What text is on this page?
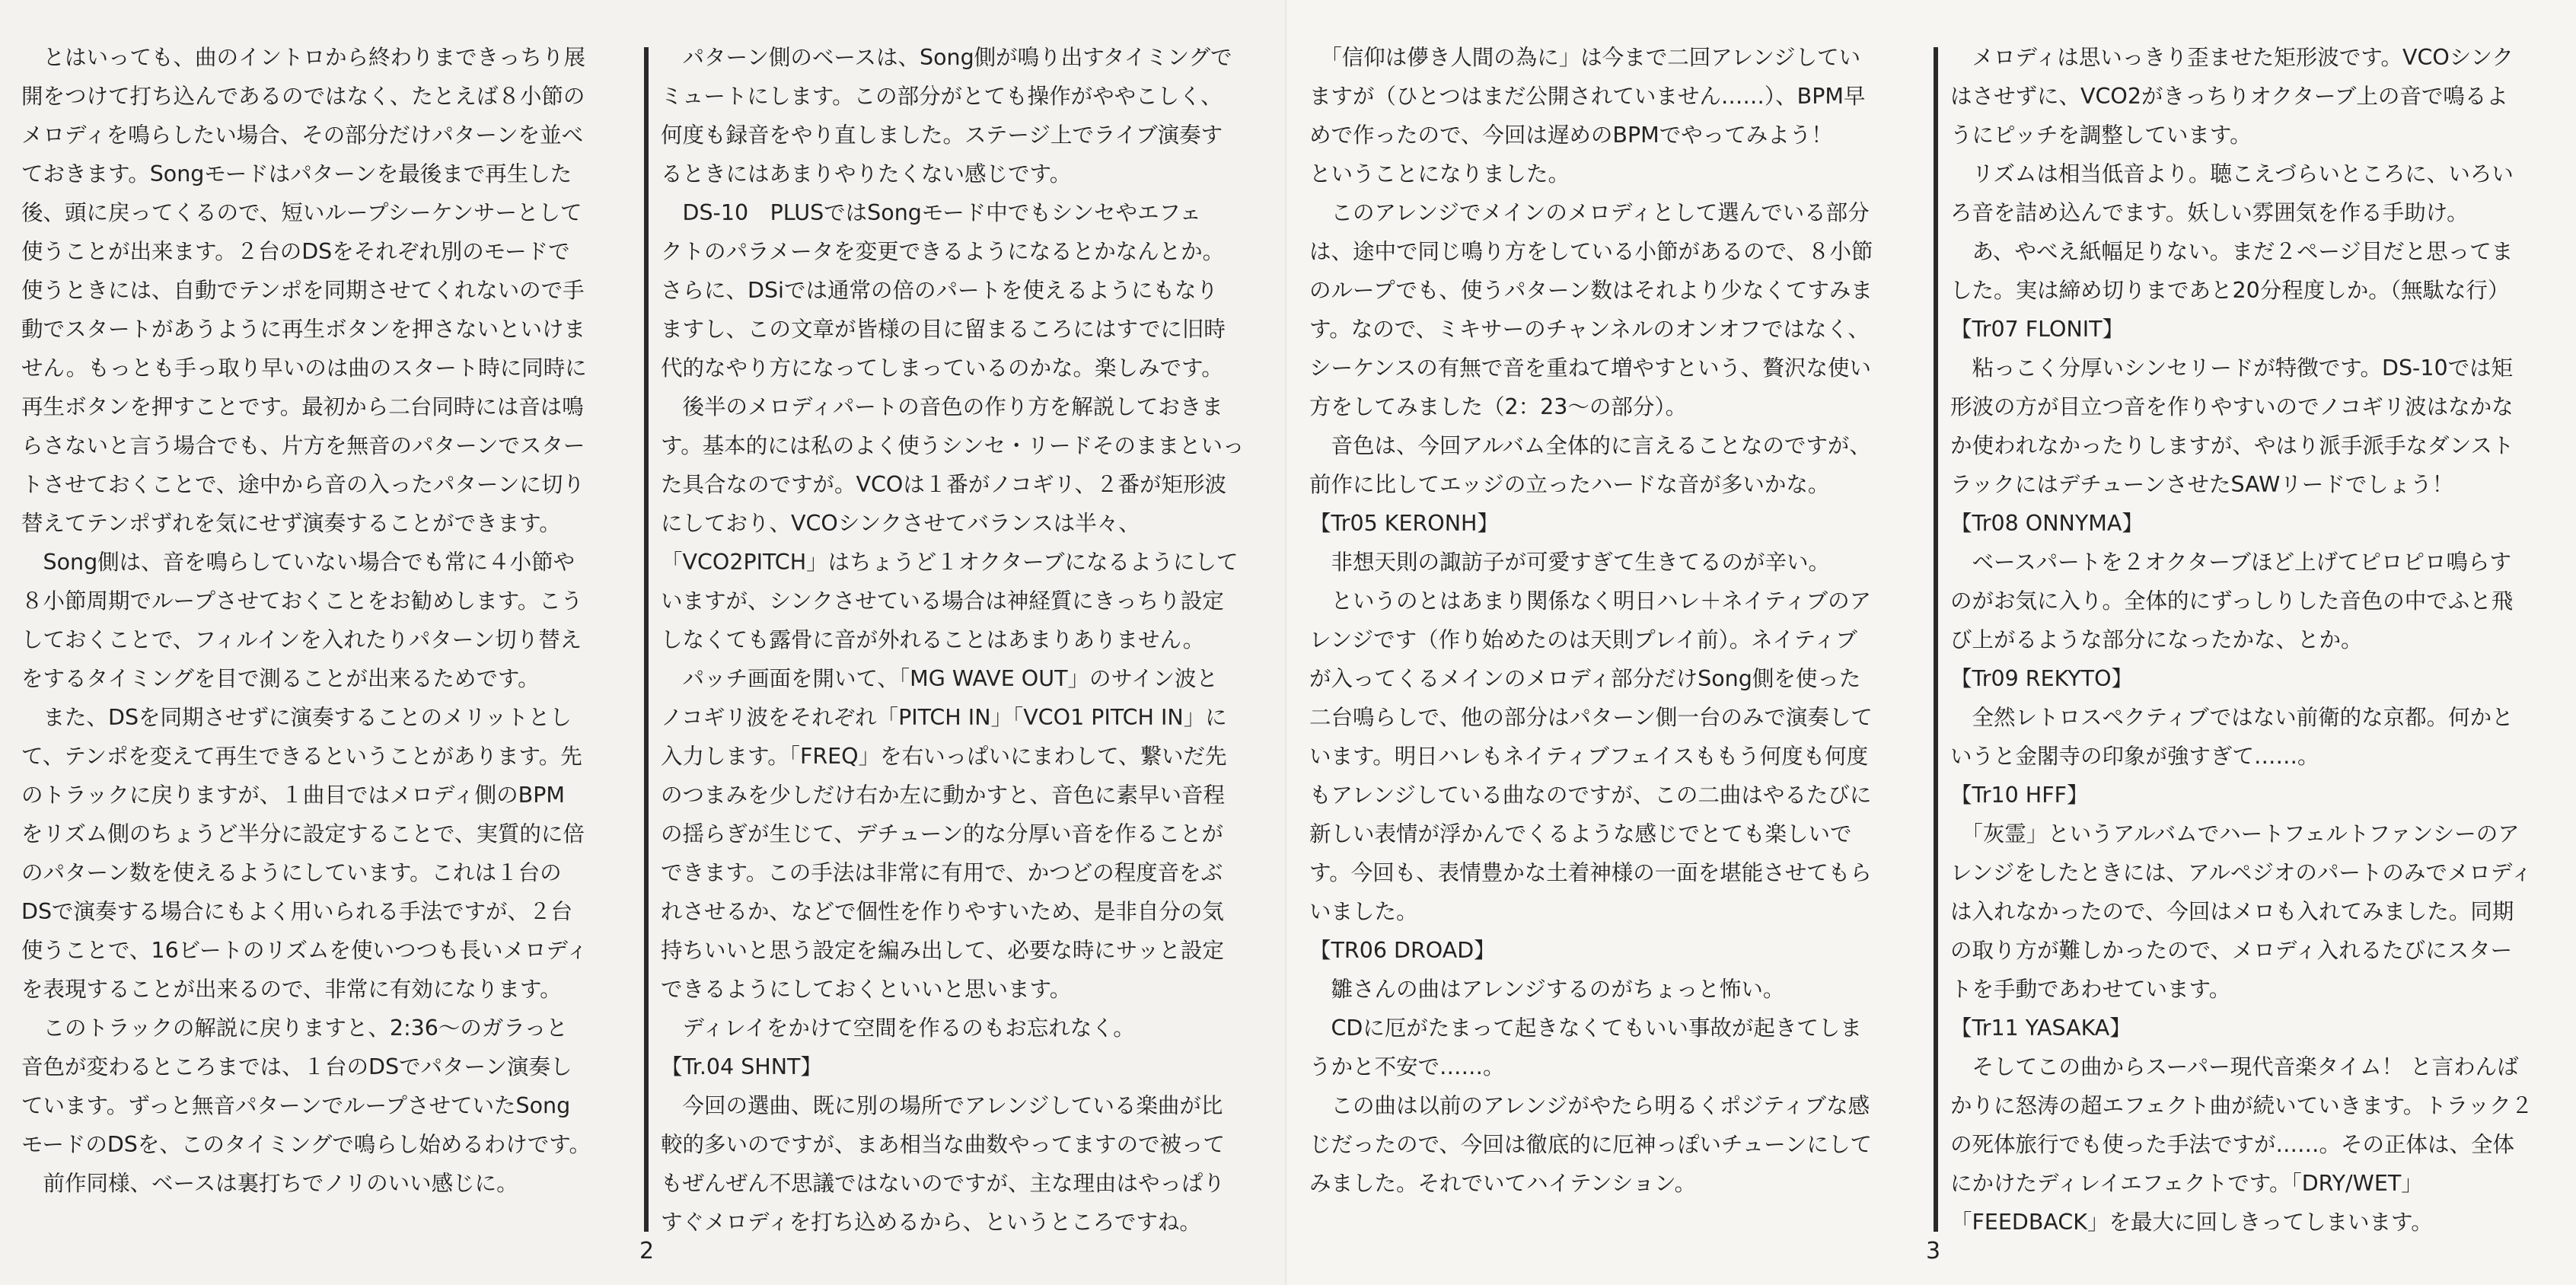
　とはいっても、曲のイントロから終わりまできっちり展
開をつけて打ち込んであるのではなく、たとえば８小節の
メロディを鳴らしたい場合、その部分だけパターンを並べ
ておきます。Songモードはパターンを最後まで再生した
後、頭に戻ってくるので、短いループシーケンサーとして
使うことが出来ます。２台のDSをそれぞれ別のモードで
使うときには、自動でテンポを同期させてくれないので手
動でスタートがあうように再生ボタンを押さないといけま
せん。もっとも手っ取り早いのは曲のスタート時に同時に
再生ボタンを押すことです。最初から二台同時には音は鳴
らさないと言う場合でも、片方を無音のパターンでスター
トさせておくことで、途中から音の入ったパターンに切り
替えてテンポずれを気にせず演奏することができます。
　Song側は、音を鳴らしていない場合でも常に４小節や
８小節周期でループさせておくことをお勧めします。こう
しておくことで、フィルインを入れたりパターン切り替え
をするタイミングを目で測ることが出来るためです。
　また、DSを同期させずに演奏することのメリットとし
て、テンポを変えて再生できるということがあります。先
のトラックに戻りますが、１曲目ではメロディ側のBPM
をリズム側のちょうど半分に設定することで、実質的に倍
のパターン数を使えるようにしています。これは１台の
DSで演奏する場合にもよく用いられる手法ですが、２台
使うことで、16ビートのリズムを使いつつも長いメロディ
を表現することが出来るので、非常に有効になります。
　このトラックの解説に戻りますと、2:36～のガラっと
音色が変わるところまでは、１台のDSでパターン演奏し
ています。ずっと無音パターンでループさせていたSong
モードのDSを、このタイミングで鳴らし始めるわけです。
　前作同様、ベースは裏打ちでノリのいい感じに。
　パターン側のベースは、Song側が鳴り出すタイミングで
ミュートにします。この部分がとても操作がややこしく、
何度も録音をやり直しました。ステージ上でライブ演奏す
るときにはあまりやりたくない感じです。
　DS-10　PLUSではSongモード中でもシンセやエフェ
クトのパラメータを変更できるようになるとかなんとか。
さらに、DSiでは通常の倍のパートを使えるようにもなり
ますし、この文章が皆様の目に留まるころにはすでに旧時
代的なやり方になってしまっているのかな。楽しみです。
　後半のメロディパートの音色の作り方を解説しておきま
す。基本的には私のよく使うシンセ・リードそのままといっ
た具合なのですが。VCOは１番がノコギリ、２番が矩形波
にしており、VCOシンクさせてバランスは半々、
「VCO2PITCH」はちょうど１オクターブになるようにして
いますが、シンクさせている場合は神経質にきっちり設定
しなくても露骨に音が外れることはあまりありません。
　パッチ画面を開いて、「MG WAVE OUT」のサイン波と
ノコギリ波をそれぞれ「PITCH IN」「VCO1 PITCH IN」に
入力します。「FREQ」を右いっぱいにまわして、繋いだ先
のつまみを少しだけ右か左に動かすと、音色に素早い音程
の揺らぎが生じて、デチューン的な分厚い音を作ることが
できます。この手法は非常に有用で、かつどの程度音をぶ
れさせるか、などで個性を作りやすいため、是非自分の気
持ちいいと思う設定を編み出して、必要な時にサッと設定
できるようにしておくといいと思います。
　ディレイをかけて空間を作るのもお忘れなく。
【Tr.04 SHNT】
　今回の選曲、既に別の場所でアレンジしている楽曲が比
較的多いのですが、まあ相当な曲数やってますので被って
もぜんぜん不思議ではないのですが、主な理由はやっぱり
すぐメロディを打ち込めるから、というところですね。
2
　「信仰は儚き人間の為に」は今まで二回アレンジしてい
ますが（ひとつはまだ公開されていません……）、BPM早
めで作ったので、今回は遅めのBPMでやってみよう！
ということになりました。
　このアレンジでメインのメロディとして選んでいる部分
は、途中で同じ鳴り方をしている小節があるので、８小節
のループでも、使うパターン数はそれより少なくてすみま
す。なので、ミキサーのチャンネルのオンオフではなく、
シーケンスの有無で音を重ねて増やすという、贅沢な使い
方をしてみました（2：23～の部分）。
　音色は、今回アルバム全体的に言えることなのですが、
前作に比してエッジの立ったハードな音が多いかな。
【Tr05 KERONH】
　非想天則の諏訪子が可愛すぎて生きてるのが辛い。
　というのとはあまり関係なく明日ハレ＋ネイティブのア
レンジです（作り始めたのは天則プレイ前）。ネイティブ
が入ってくるメインのメロディ部分だけSong側を使った
二台鳴らしで、他の部分はパターン側一台のみで演奏して
います。明日ハレもネイティブフェイスももう何度も何度
もアレンジしている曲なのですが、この二曲はやるたびに
新しい表情が浮かんでくるような感じでとても楽しいで
す。今回も、表情豊かな土着神様の一面を堪能させてもら
いました。
【TR06 DROAD】
　雛さんの曲はアレンジするのがちょっと怖い。
　CDに厄がたまって起きなくてもいい事故が起きてしま
うかと不安で……。
　この曲は以前のアレンジがやたら明るくポジティブな感
じだったので、今回は徹底的に厄神っぽいチューンにして
みました。それでいてハイテンション。
　メロディは思いっきり歪ませた矩形波です。VCOシンク
はさせずに、VCO2がきっちりオクターブ上の音で鳴るよ
うにピッチを調整しています。
　リズムは相当低音より。聴こえづらいところに、いろい
ろ音を詰め込んでます。妖しい雰囲気を作る手助け。
　あ、やべえ紙幅足りない。まだ２ページ目だと思ってま
した。実は締め切りまであと20分程度しか。（無駄な行）
【Tr07 FLONIT】
　粘っこく分厚いシンセリードが特徴です。DS-10では矩
形波の方が目立つ音を作りやすいのでノコギリ波はなかな
か使われなかったりしますが、やはり派手派手なダンスト
ラックにはデチューンさせたSAWリードでしょう！
【Tr08 ONNYMA】
　ベースパートを２オクターブほど上げてピロピロ鳴らす
のがお気に入り。全体的にずっしりした音色の中でふと飛
び上がるような部分になったかな、とか。
【Tr09 REKYTO】
　全然レトロスペクティブではない前衛的な京都。何かと
いうと金閣寺の印象が強すぎて……。
【Tr10 HFF】
　「灰霊」というアルバムでハートフェルトファンシーのア
レンジをしたときには、アルペジオのパートのみでメロディ
は入れなかったので、今回はメロも入れてみました。同期
の取り方が難しかったので、メロディ入れるたびにスター
トを手動であわせています。
【Tr11 YASAKA】
　そしてこの曲からスーパー現代音楽タイム！ と言わんば
かりに怒涛の超エフェクト曲が続いていきます。トラック２
の死体旅行でも使った手法ですが……。その正体は、全体
にかけたディレイエフェクトです。「DRY/WET」
「FEEDBACK」を最大に回しきってしまいます。
3
